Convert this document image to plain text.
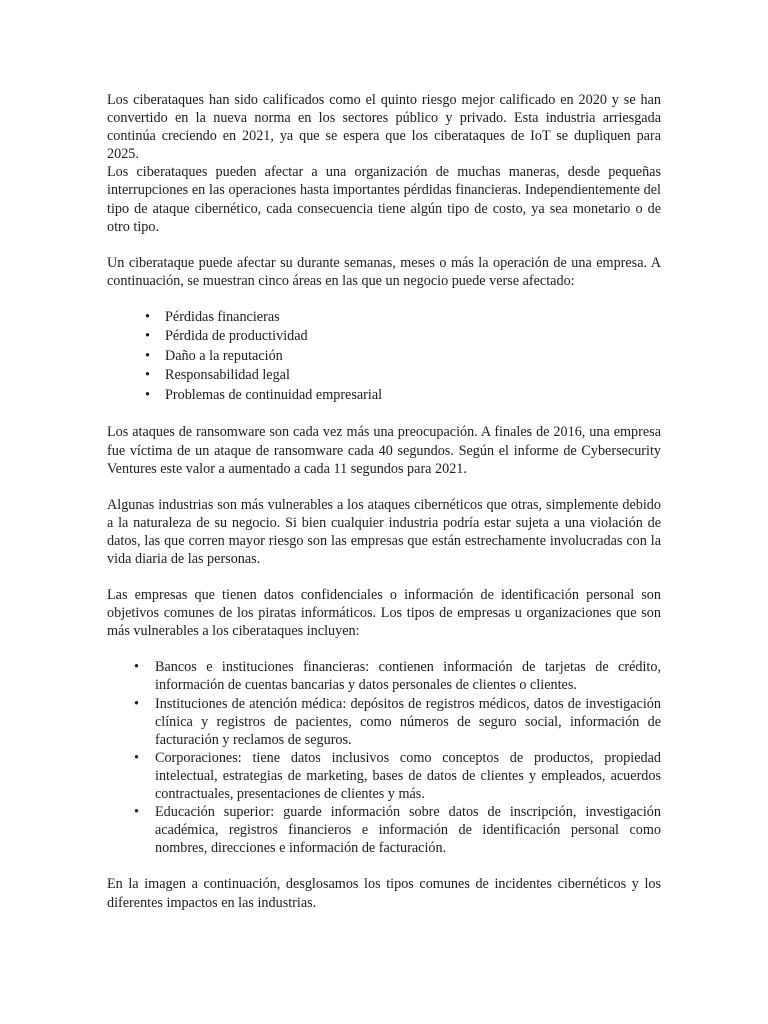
Los ciberataques han sido calificados como el quinto riesgo mejor calificado en 2020 y se han convertido en la nueva norma en los sectores público y privado. Esta industria arriesgada continúa creciendo en 2021, ya que se espera que los ciberataques de IoT se dupliquen para 2025.

Los ciberataques pueden afectar a una organización de muchas maneras, desde pequeñas interrupciones en las operaciones hasta importantes pérdidas financieras. Independientemente del tipo de ataque cibernético, cada consecuencia tiene algún tipo de costo, ya sea monetario o de otro tipo.

Un ciberataque puede afectar su durante semanas, meses o más la operación de una empresa. A continuación, se muestran cinco áreas en las que un negocio puede verse afectado:

• Pérdidas financieras
• Pérdida de productividad
• Daño a la reputación
• Responsabilidad legal
• Problemas de continuidad empresarial

Los ataques de ransomware son cada vez más una preocupación. A finales de 2016, una empresa fue víctima de un ataque de ransomware cada 40 segundos. Según el informe de Cybersecurity Ventures este valor a aumentado a cada 11 segundos para 2021.

Algunas industrias son más vulnerables a los ataques cibernéticos que otras, simplemente debido a la naturaleza de su negocio. Si bien cualquier industria podría estar sujeta a una violación de datos, las que corren mayor riesgo son las empresas que están estrechamente involucradas con la vida diaria de las personas.

Las empresas que tienen datos confidenciales o información de identificación personal son objetivos comunes de los piratas informáticos. Los tipos de empresas u organizaciones que son más vulnerables a los ciberataques incluyen:

• Bancos e instituciones financieras: contienen información de tarjetas de crédito, información de cuentas bancarias y datos personales de clientes o clientes.
• Instituciones de atención médica: depósitos de registros médicos, datos de investigación clínica y registros de pacientes, como números de seguro social, información de facturación y reclamos de seguros.
• Corporaciones: tiene datos inclusivos como conceptos de productos, propiedad intelectual, estrategias de marketing, bases de datos de clientes y empleados, acuerdos contractuales, presentaciones de clientes y más.
• Educación superior: guarde información sobre datos de inscripción, investigación académica, registros financieros e información de identificación personal como nombres, direcciones e información de facturación.

En la imagen a continuación, desglosamos los tipos comunes de incidentes cibernéticos y los diferentes impactos en las industrias.
